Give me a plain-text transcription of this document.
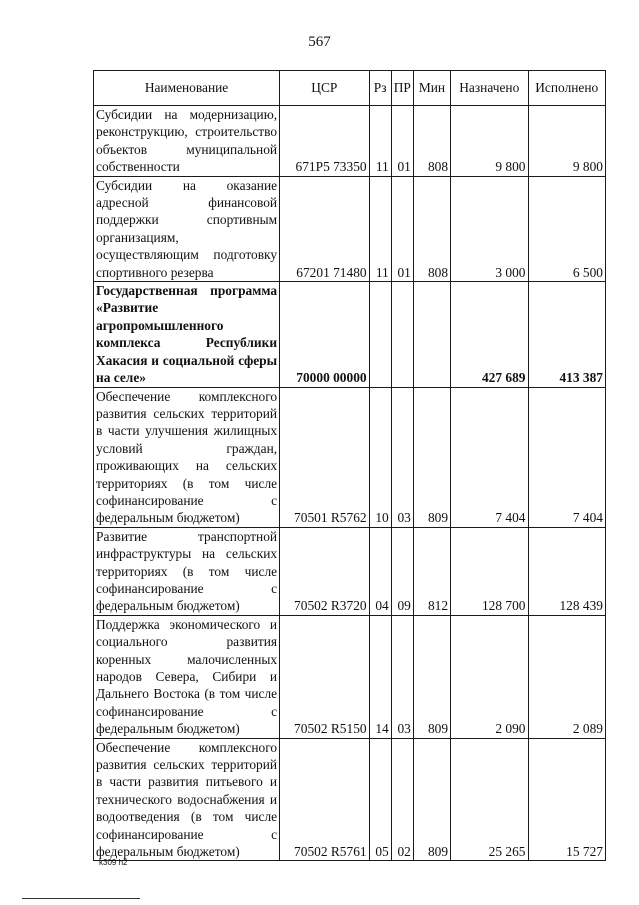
567
Наименование	ЦСР	Рз	ПР	Мин	Назначено	Исполнено
Субсидии на модернизацию, реконструкцию, строительство объектов муниципальной собственности	671P5 73350	11	01	808	9 800	9 800
Субсидии на оказание адресной финансовой поддержки спортивным организациям, осуществляющим подготовку спортивного резерва	67201 71480	11	01	808	3 000	6 500
Государственная программа «Развитие агропромышленного комплекса Республики Хакасия и социальной сферы на селе»	70000 00000				427 689	413 387
Обеспечение комплексного развития сельских территорий в части улучшения жилищных условий граждан, проживающих на сельских территориях (в том числе софинансирование с федеральным бюджетом)	70501 R5762	10	03	809	7 404	7 404
Развитие транспортной инфраструктуры на сельских территориях (в том числе софинансирование с федеральным бюджетом)	70502 R3720	04	09	812	128 700	128 439
Поддержка экономического и социального развития коренных малочисленных народов Севера, Сибири и Дальнего Востока (в том числе софинансирование с федеральным бюджетом)	70502 R5150	14	03	809	2 090	2 089
Обеспечение комплексного развития сельских территорий в части развития питьевого и технического водоснабжения и водоотведения (в том числе софинансирование с федеральным бюджетом)	70502 R5761	05	02	809	25 265	15 727
k309 h2
